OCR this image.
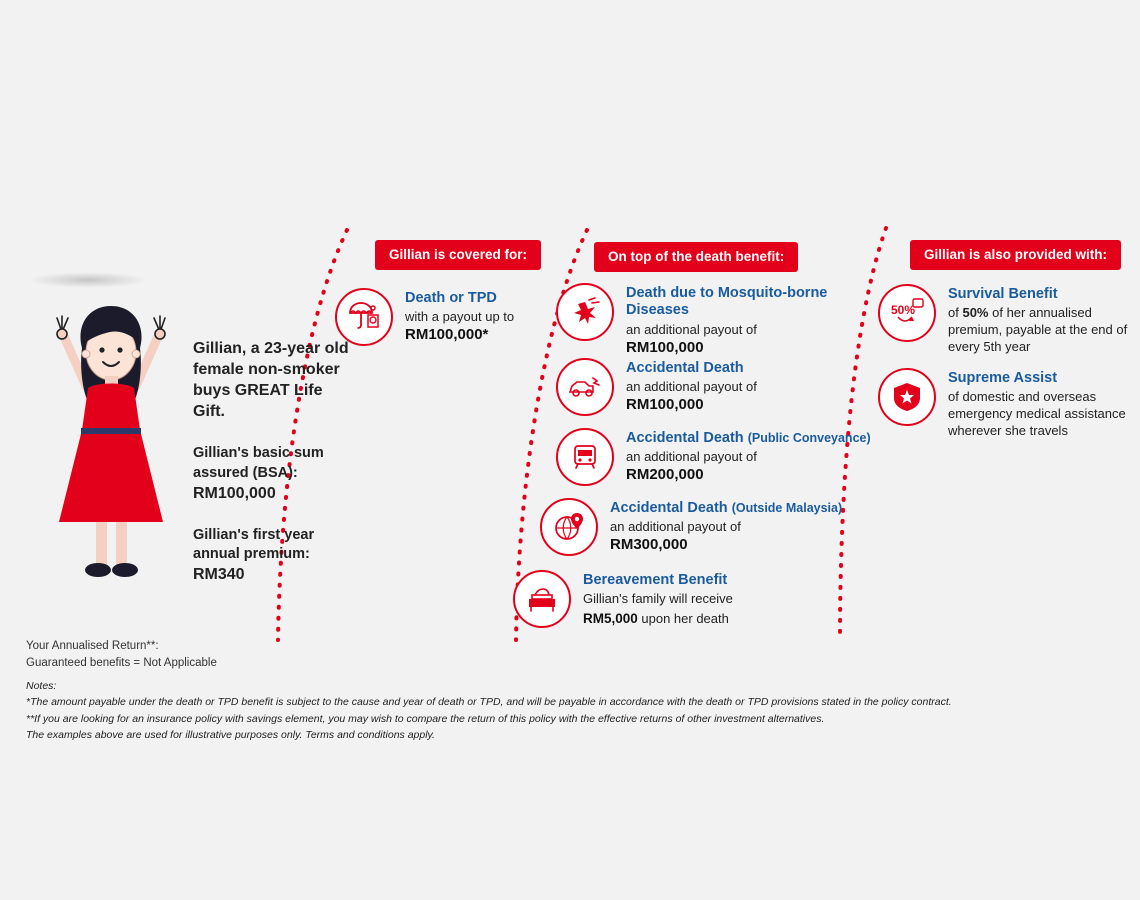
Gillian, a 23-year old female non-smoker buys GREAT Life Gift.

Gillian's basic sum assured (BSA):
RM100,000

Gillian's first year annual premium:
RM340

Gillian is covered for:
Death or TPD
with a payout up to
RM100,000*
On top of the death benefit:
Death due to Mosquito-borne Diseases
an additional payout of
RM100,000
Accidental Death
an additional payout of
RM100,000
Accidental Death (Public Conveyance)
an additional payout of
RM200,000
Accidental Death (Outside Malaysia)
an additional payout of
RM300,000
Bereavement Benefit
Gillian's family will receive
RM5,000 upon her death
Gillian is also provided with:
50%
Survival Benefit
of 50% of her annualised premium, payable at the end of every 5th year
Supreme Assist
of domestic and overseas emergency medical assistance wherever she travels
Your Annualised Return**:
Guaranteed benefits = Not Applicable
Notes:
*The amount payable under the death or TPD benefit is subject to the cause and year of death or TPD, and will be payable in accordance with the death or TPD provisions stated in the policy contract.
**If you are looking for an insurance policy with savings element, you may wish to compare the return of this policy with the effective returns of other investment alternatives.
The examples above are used for illustrative purposes only. Terms and conditions apply.
